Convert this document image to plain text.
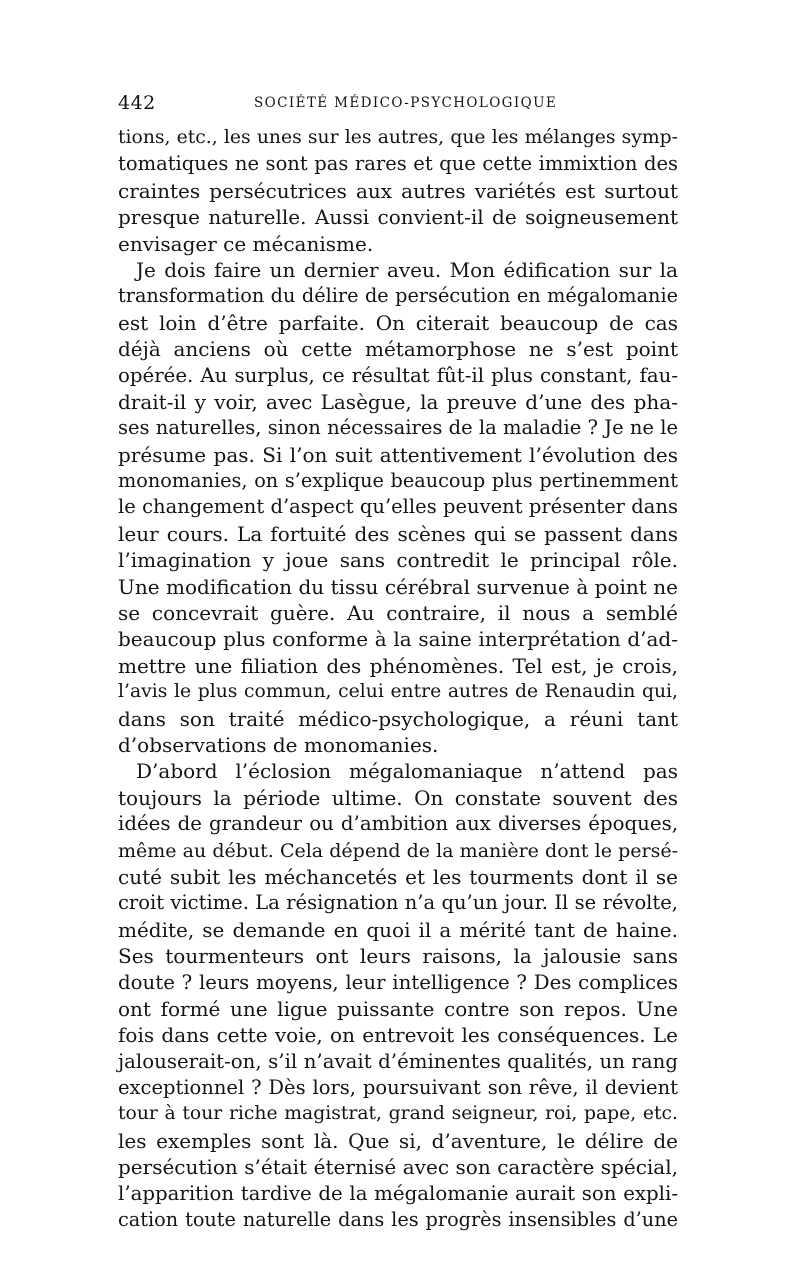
442	SOCIÉTÉ MÉDICO-PSYCHOLOGIQUE
tions, etc., les unes sur les autres, que les mélanges symp-
tomatiques ne sont pas rares et que cette immixtion des
craintes persécutrices aux autres variétés est surtout
presque naturelle. Aussi convient-il de soigneusement
envisager ce mécanisme.
Je dois faire un dernier aveu. Mon édification sur la
transformation du délire de persécution en mégalomanie
est loin d’être parfaite. On citerait beaucoup de cas
déjà anciens où cette métamorphose ne s’est point
opérée. Au surplus, ce résultat fût-il plus constant, fau-
drait-il y voir, avec Lasègue, la preuve d’une des pha-
ses naturelles, sinon nécessaires de la maladie ? Je ne le
présume pas. Si l’on suit attentivement l’évolution des
monomanies, on s’explique beaucoup plus pertinemment
le changement d’aspect qu’elles peuvent présenter dans
leur cours. La fortuité des scènes qui se passent dans
l’imagination y joue sans contredit le principal rôle.
Une modification du tissu cérébral survenue à point ne
se concevrait guère. Au contraire, il nous a semblé
beaucoup plus conforme à la saine interprétation d’ad-
mettre une filiation des phénomènes. Tel est, je crois,
l’avis le plus commun, celui entre autres de Renaudin qui,
dans son traité médico-psychologique, a réuni tant
d’observations de monomanies.
D’abord l’éclosion mégalomaniaque n’attend pas
toujours la période ultime. On constate souvent des
idées de grandeur ou d’ambition aux diverses époques,
même au début. Cela dépend de la manière dont le persé-
cuté subit les méchancetés et les tourments dont il se
croit victime. La résignation n’a qu’un jour. Il se révolte,
médite, se demande en quoi il a mérité tant de haine.
Ses tourmenteurs ont leurs raisons, la jalousie sans
doute ? leurs moyens, leur intelligence ? Des complices
ont formé une ligue puissante contre son repos. Une
fois dans cette voie, on entrevoit les conséquences. Le
jalouserait-on, s’il n’avait d’éminentes qualités, un rang
exceptionnel ? Dès lors, poursuivant son rêve, il devient
tour à tour riche magistrat, grand seigneur, roi, pape, etc.
les exemples sont là. Que si, d’aventure, le délire de
persécution s’était éternisé avec son caractère spécial,
l’apparition tardive de la mégalomanie aurait son expli-
cation toute naturelle dans les progrès insensibles d’une
